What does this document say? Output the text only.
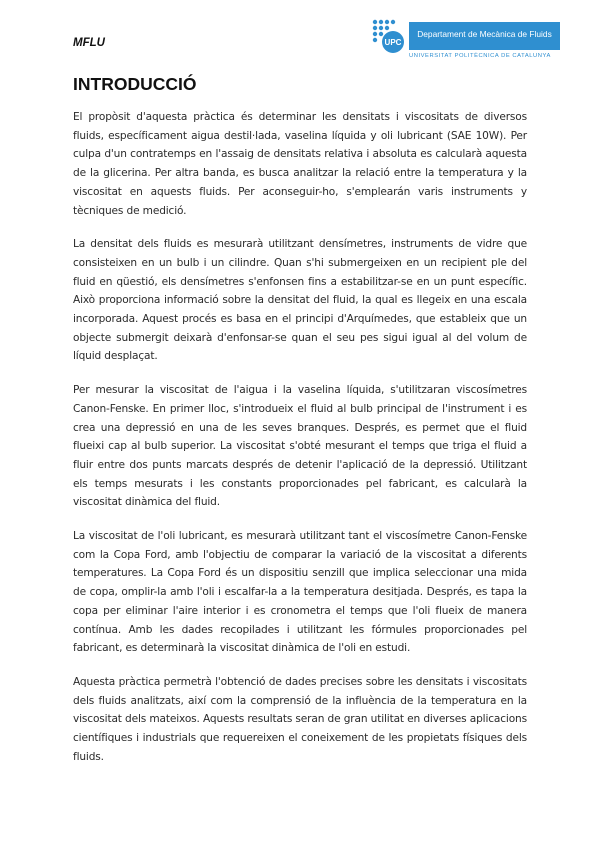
MFLU	UPC
Departament de Mecànica de Fluids
UNIVERSITAT POLITÈCNICA DE CATALUNYA
INTRODUCCIÓ

El propòsit d'aquesta pràctica és determinar les densitats i viscositats de diversos fluids, específicament aigua destil·lada, vaselina líquida y oli lubricant (SAE 10W). Per culpa d'un contratemps en l'assaig de densitats relativa i absoluta es calcularà aquesta de la glicerina. Per altra banda, es busca analitzar la relació entre la temperatura y la viscositat en aquests fluids. Per aconseguir-ho, s'emplearán varis instruments y tècniques de medició.

La densitat dels fluids es mesurarà utilitzant densímetres, instruments de vidre que consisteixen en un bulb i un cilindre. Quan s'hi submergeixen en un recipient ple del fluid en qüestió, els densímetres s'enfonsen fins a estabilitzar-se en un punt específic. Això proporciona informació sobre la densitat del fluid, la qual es llegeix en una escala incorporada. Aquest procés es basa en el principi d'Arquímedes, que estableix que un objecte submergit deixarà d'enfonsar-se quan el seu pes sigui igual al del volum de líquid desplaçat.

Per mesurar la viscositat de l'aigua i la vaselina líquida, s'utilitzaran viscosímetres Canon-Fenske. En primer lloc, s'introdueix el fluid al bulb principal de l'instrument i es crea una depressió en una de les seves branques. Després, es permet que el fluid flueixi cap al bulb superior. La viscositat s'obté mesurant el temps que triga el fluid a fluir entre dos punts marcats després de detenir l'aplicació de la depressió. Utilitzant els temps mesurats i les constants proporcionades pel fabricant, es calcularà la viscositat dinàmica del fluid.

La viscositat de l'oli lubricant, es mesurarà utilitzant tant el viscosímetre Canon-Fenske com la Copa Ford, amb l'objectiu de comparar la variació de la viscositat a diferents temperatures. La Copa Ford és un dispositiu senzill que implica seleccionar una mida de copa, omplir-la amb l'oli i escalfar-la a la temperatura desitjada. Després, es tapa la copa per eliminar l'aire interior i es cronometra el temps que l'oli flueix de manera contínua. Amb les dades recopilades i utilitzant les fórmules proporcionades pel fabricant, es determinarà la viscositat dinàmica de l'oli en estudi.

Aquesta pràctica permetrà l'obtenció de dades precises sobre les densitats i viscositats dels fluids analitzats, així com la comprensió de la influència de la temperatura en la viscositat dels mateixos. Aquests resultats seran de gran utilitat en diverses aplicacions científiques i industrials que requereixen el coneixement de les propietats físiques dels fluids.
